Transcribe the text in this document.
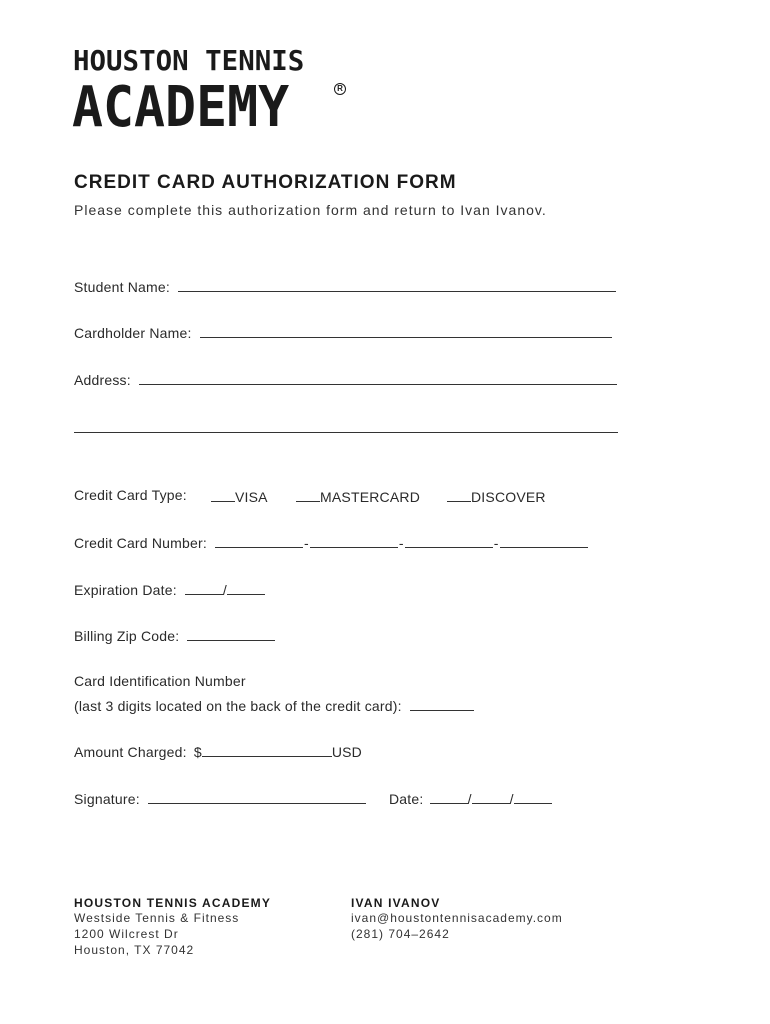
HOUSTON TENNIS
ACADEMY	R
CREDIT CARD AUTHORIZATION FORM
Please complete this authorization form and return to Ivan Ivanov.
Student Name:
Cardholder Name:
Address:
Credit Card Type:	VISA	MASTERCARD	DISCOVER
Credit Card Number:	-	-	-
Expiration Date:	/
Billing Zip Code:
Card Identification Number
(last 3 digits located on the back of the credit card):
Amount Charged: $	USD
Signature:	Date:	/	/
HOUSTON TENNIS ACADEMY
Westside Tennis & Fitness
1200 Wilcrest Dr
Houston, TX 77042
IVAN IVANOV
ivan@houstontennisacademy.com
(281) 704–2642
